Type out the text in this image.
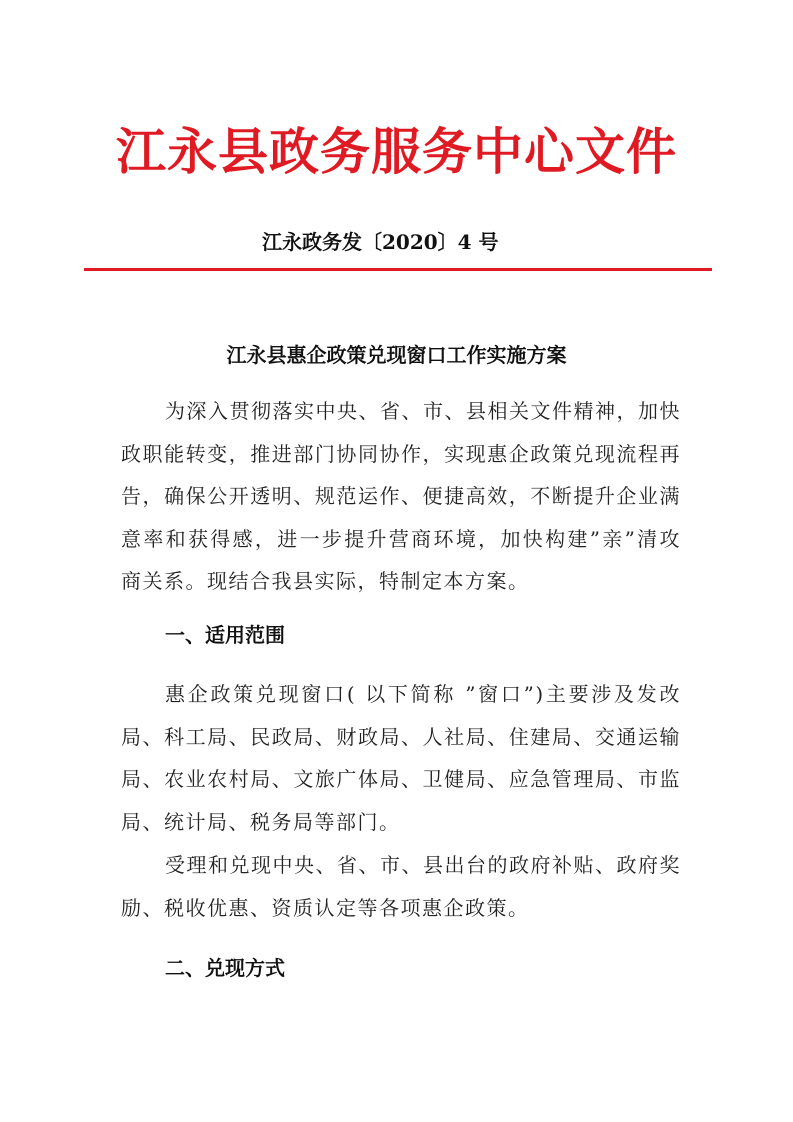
江永县政务服务中心文件
江永政务发〔2020〕4 号
江永县惠企政策兑现窗口工作实施方案

为深入贯彻落实中央、省、市、县相关文件精神，加快政职能转变，推进部门协同协作，实现惠企政策兑现流程再告，确保公开透明、规范运作、便捷高效，不断提升企业满意率和获得感，进一步提升营商环境，加快构建”亲”清攻商关系。现结合我县实际，特制定本方案。

一、适用范围

惠企政策兑现窗口( 以下简称 ”窗口”)主要涉及发改局、科工局、民政局、财政局、人社局、住建局、交通运输局、农业农村局、文旅广体局、卫健局、应急管理局、市监局、统计局、税务局等部门。

受理和兑现中央、省、市、县出台的政府补贴、政府奖励、税收优惠、资质认定等各项惠企政策。

二、兑现方式
